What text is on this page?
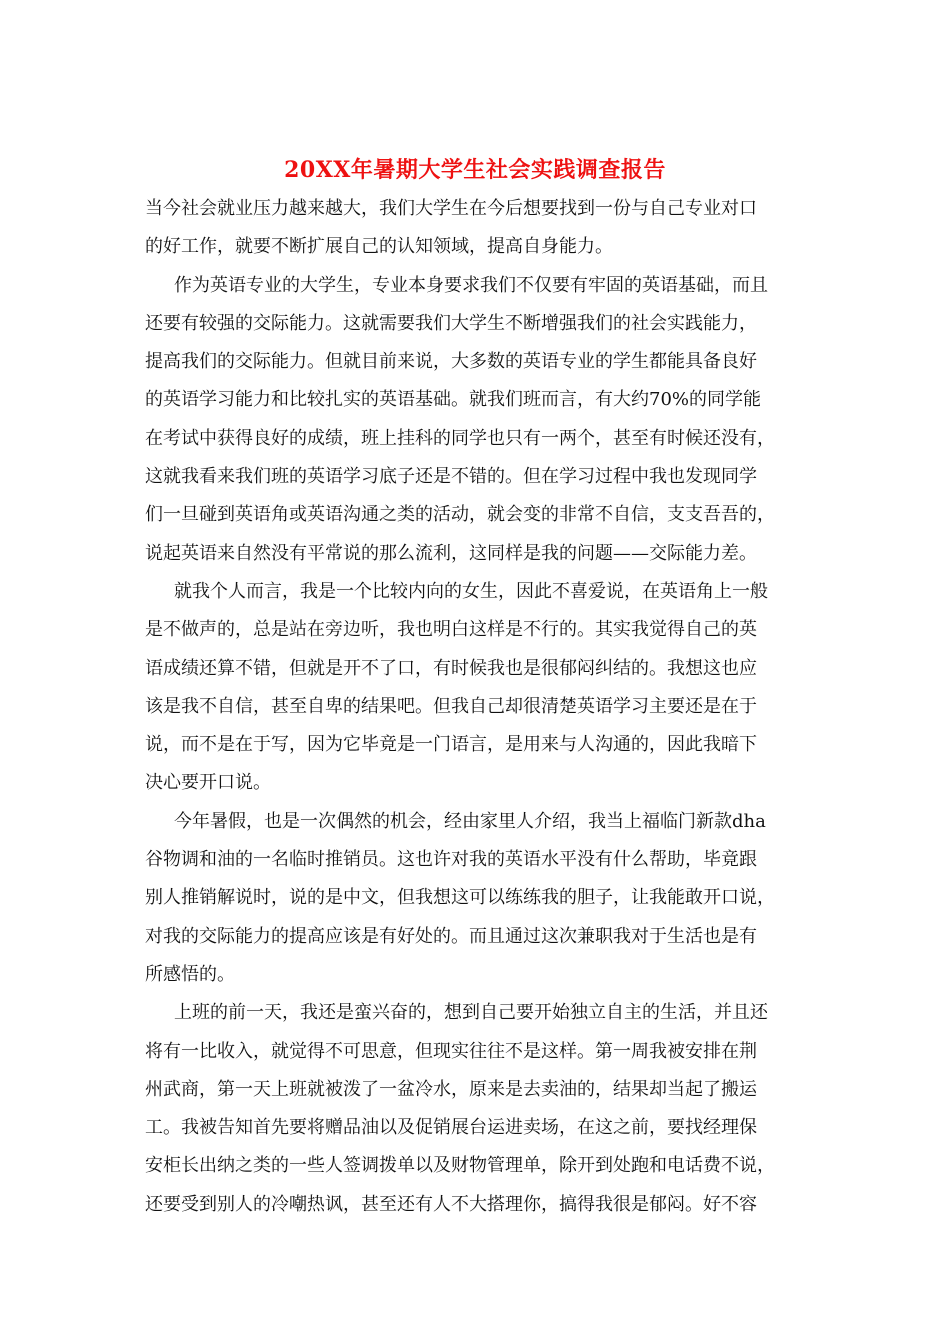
20XX年暑期大学生社会实践调查报告
当今社会就业压力越来越大，我们大学生在今后想要找到一份与自己专业对口
的好工作，就要不断扩展自己的认知领域，提高自身能力。
作为英语专业的大学生，专业本身要求我们不仅要有牢固的英语基础，而且
还要有较强的交际能力。这就需要我们大学生不断增强我们的社会实践能力，
提高我们的交际能力。但就目前来说，大多数的英语专业的学生都能具备良好
的英语学习能力和比较扎实的英语基础。就我们班而言，有大约70%的同学能
在考试中获得良好的成绩，班上挂科的同学也只有一两个，甚至有时候还没有，
这就我看来我们班的英语学习底子还是不错的。但在学习过程中我也发现同学
们一旦碰到英语角或英语沟通之类的活动，就会变的非常不自信，支支吾吾的，
说起英语来自然没有平常说的那么流利，这同样是我的问题——交际能力差。
就我个人而言，我是一个比较内向的女生，因此不喜爱说，在英语角上一般
是不做声的，总是站在旁边听，我也明白这样是不行的。其实我觉得自己的英
语成绩还算不错，但就是开不了口，有时候我也是很郁闷纠结的。我想这也应
该是我不自信，甚至自卑的结果吧。但我自己却很清楚英语学习主要还是在于
说，而不是在于写，因为它毕竟是一门语言，是用来与人沟通的，因此我暗下
决心要开口说。
今年暑假，也是一次偶然的机会，经由家里人介绍，我当上福临门新款dha
谷物调和油的一名临时推销员。这也许对我的英语水平没有什么帮助，毕竟跟
别人推销解说时，说的是中文，但我想这可以练练我的胆子，让我能敢开口说，
对我的交际能力的提高应该是有好处的。而且通过这次兼职我对于生活也是有
所感悟的。
上班的前一天，我还是蛮兴奋的，想到自己要开始独立自主的生活，并且还
将有一比收入，就觉得不可思意，但现实往往不是这样。第一周我被安排在荆
州武商，第一天上班就被泼了一盆冷水，原来是去卖油的，结果却当起了搬运
工。我被告知首先要将赠品油以及促销展台运进卖场，在这之前，要找经理保
安柜长出纳之类的一些人签调拨单以及财物管理单，除开到处跑和电话费不说，
还要受到别人的冷嘲热讽，甚至还有人不大搭理你，搞得我很是郁闷。好不容
